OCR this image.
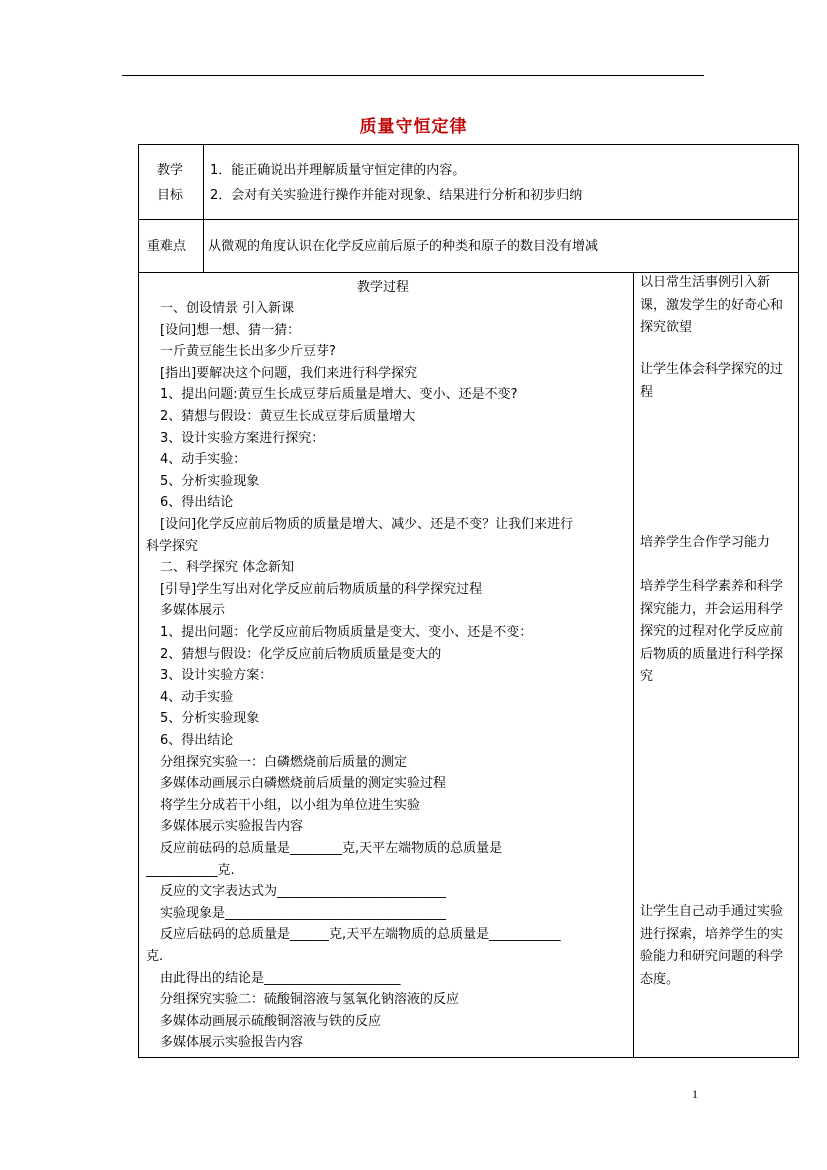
质量守恒定律
教学
目标
1．能正确说出并理解质量守恒定律的内容。
2．会对有关实验进行操作并能对现象、结果进行分析和初步归纳
重难点 从微观的角度认识在化学反应前后原子的种类和原子的数目没有增减
教学过程
一、创设情景 引入新课
[设问]想一想、猜一猜：
一斤黄豆能生长出多少斤豆芽?
[指出]要解决这个问题，我们来进行科学探究
1、提出问题:黄豆生长成豆芽后质量是增大、变小、还是不变?
2、猜想与假设：黄豆生长成豆芽后质量增大
3、设计实验方案进行探究：
4、动手实验：
5、分析实验现象
6、得出结论
[设问]化学反应前后物质的质量是增大、减少、还是不变？让我们来进行
科学探究
二、科学探究 体念新知
[引导]学生写出对化学反应前后物质质量的科学探究过程
多媒体展示
1、提出问题：化学反应前后物质质量是变大、变小、还是不变：
2、猜想与假设：化学反应前后物质质量是变大的
3、设计实验方案：
4、动手实验
5、分析实验现象
6、得出结论
分组探究实验一：白磷燃烧前后质量的测定
多媒体动画展示白磷燃烧前后质量的测定实验过程
将学生分成若干小组，以小组为单位进生实验
多媒体展示实验报告内容
反应前砝码的总质量是________克,天平左端物质的总质量是
___________克.
反应的文字表达式为__________________________
实验现象是__________________________________
反应后砝码的总质量是______克,天平左端物质的总质量是___________
克.
由此得出的结论是_____________________
分组探究实验二：硫酸铜溶液与氢氧化钠溶液的反应
多媒体动画展示硫酸铜溶液与铁的反应
多媒体展示实验报告内容
以日常生活事例引入新课，激发学生的好奇心和探究欲望
让学生体会科学探究的过程
培养学生合作学习能力
培养学生科学素养和科学探究能力，并会运用科学探究的过程对化学反应前后物质的质量进行科学探究
让学生自己动手通过实验进行探索，培养学生的实验能力和研究问题的科学态度。
1
